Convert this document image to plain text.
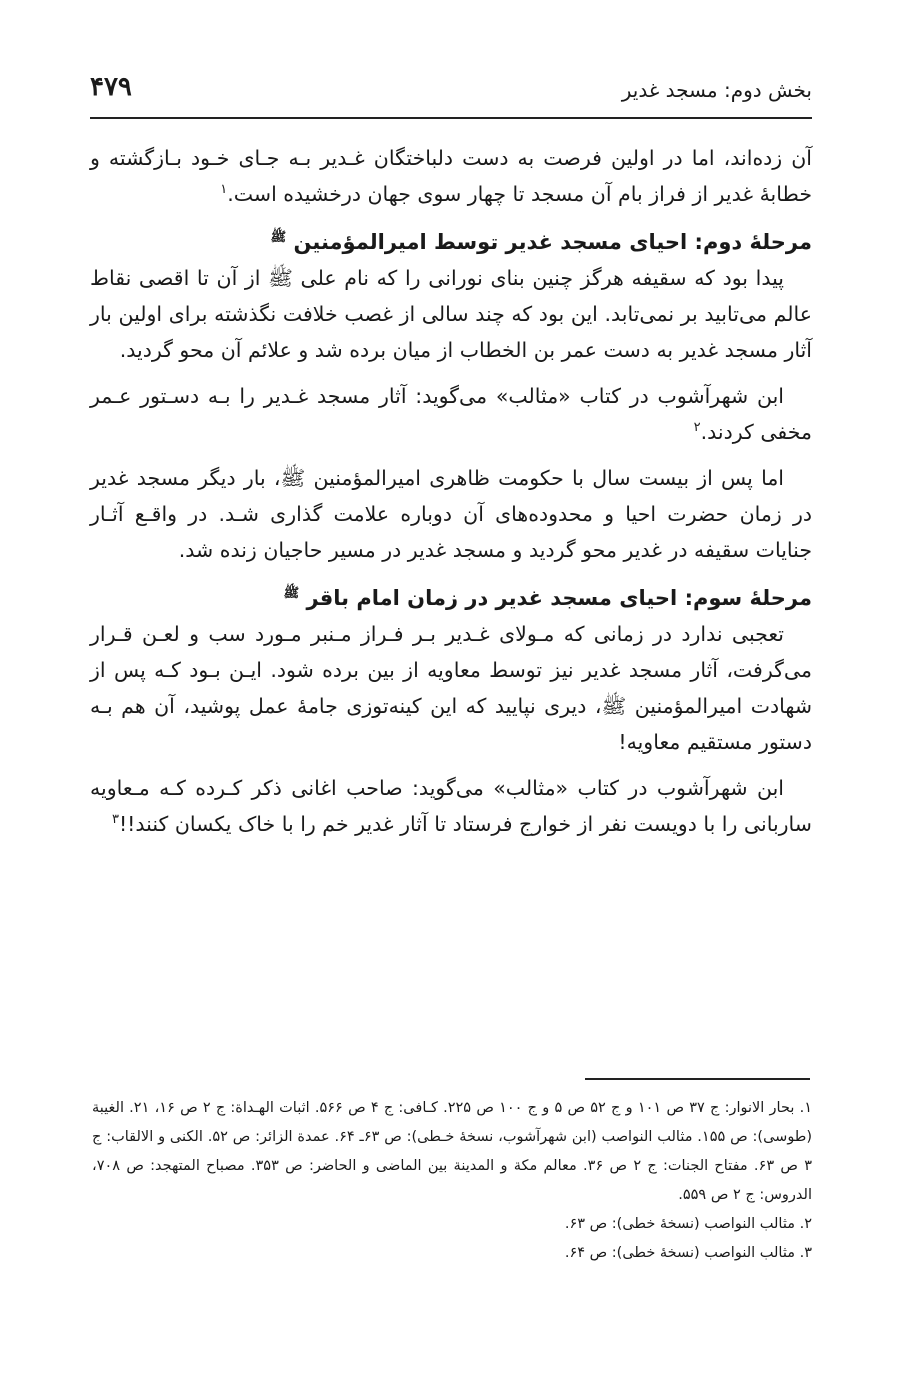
بخش دوم: مسجد غدیر
۴۷۹

آن زده‌اند، اما در اولین فرصت به دست دلباختگان غـدیر بـه جـای خـود بـازگشته و خطابهٔ غدیر از فراز بام آن مسجد تا چهار سوی جهان درخشیده است.$^۱$

مرحلهٔ دوم: احیای مسجد غدیر توسط امیرالمؤمنین $^ﷺ$

پیدا بود که سقیفه هرگز چنین بنای نورانی را که نام علی ﷺ از آن تا اقصی نقاط عالم می‌تابید بر نمی‌تابد. این بود که چند سالی از غصب خلافت نگذشته برای اولین بار آثار مسجد غدیر به دست عمر بن الخطاب از میان برده شد و علائم آن محو گردید.

ابن شهرآشوب در کتاب «مثالب» می‌گوید: آثار مسجد غـدیر را بـه دسـتور عـمر مخفی کردند.$^۲$

اما پس از بیست سال با حکومت ظاهری امیرالمؤمنین ﷺ، بار دیگر مسجد غدیر در زمان حضرت احیا و محدوده‌های آن دوباره علامت گذاری شـد. در واقـع آثـار جنایات سقیفه در غدیر محو گردید و مسجد غدیر در مسیر حاجیان زنده شد.

مرحلهٔ سوم: احیای مسجد غدیر در زمان امام باقر $^ﷺ$

تعجبی ندارد در زمانی که مـولای غـدیر بـر فـراز مـنبر مـورد سب و لعـن قـرار می‌گرفت، آثار مسجد غدیر نیز توسط معاویه از بین برده شود. ایـن بـود کـه پس از شهادت امیرالمؤمنین ﷺ، دیری نپایید که این کینه‌توزی جامهٔ عمل پوشید، آن هم بـه دستور مستقیم معاویه!

ابن شهرآشوب در کتاب «مثالب» می‌گوید: صاحب اغانی ذکر کـرده کـه مـعاویه ساربانی را با دویست نفر از خوارج فرستاد تا آثار غدیر خم را با خاک یکسان کنند!!$^۳$

۱. بحار الانوار: ج ۳۷ ص ۱۰۱ و ج ۵۲ ص ۵ و ج ۱۰۰ ص ۲۲۵. کـافی: ج ۴ ص ۵۶۶. اثبات الهـداة: ج ۲ ص ۱۶، ۲۱. الغیبة (طوسی): ص ۱۵۵. مثالب النواصب (ابن شهرآشوب، نسخهٔ خـطی): ص ۶۳ـ ۶۴. عمدة الزائر: ص ۵۲. الکنی و الالقاب: ج ۳ ص ۶۳. مفتاح الجنات: ج ۲ ص ۳۶. معالم مکة و المدینة بین الماضی و الحاضر: ص ۳۵۳. مصباح المتهجد: ص ۷۰۸، الدروس: ج ۲ ص ۵۵۹.

۲. مثالب النواصب (نسخهٔ خطی): ص ۶۳.

۳. مثالب النواصب (نسخهٔ خطی): ص ۶۴.
